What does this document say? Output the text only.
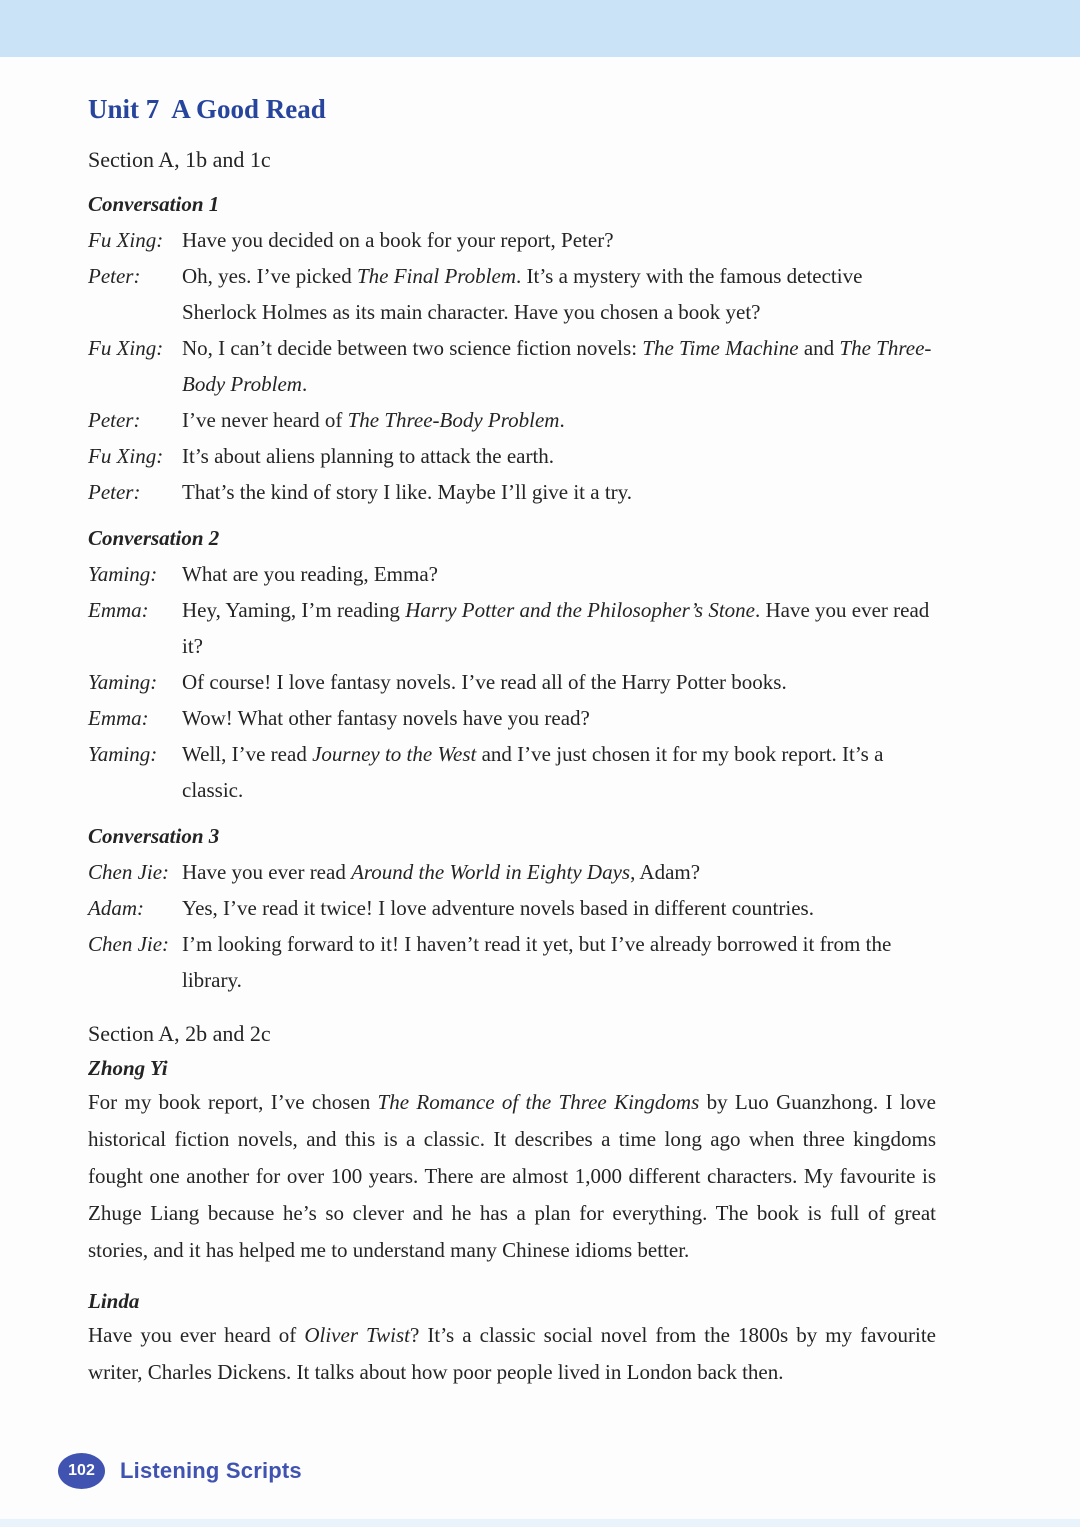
Unit 7  A Good Read
Section A, 1b and 1c
Conversation 1
Fu Xing: Have you decided on a book for your report, Peter?
Peter:	Oh, yes. I’ve picked The Final Problem. It’s a mystery with the famous detective Sherlock Holmes as its main character. Have you chosen a book yet?
Fu Xing: No, I can’t decide between two science fiction novels: The Time Machine and The Three-Body Problem.
Peter:	I’ve never heard of The Three-Body Problem.
Fu Xing: It’s about aliens planning to attack the earth.
Peter:	That’s the kind of story I like. Maybe I’ll give it a try.
Conversation 2
Yaming:	What are you reading, Emma?
Emma:	Hey, Yaming, I’m reading Harry Potter and the Philosopher’s Stone. Have you ever read it?
Yaming:	Of course! I love fantasy novels. I’ve read all of the Harry Potter books.
Emma:	Wow! What other fantasy novels have you read?
Yaming:	Well, I’ve read Journey to the West and I’ve just chosen it for my book report. It’s a classic.
Conversation 3
Chen Jie: Have you ever read Around the World in Eighty Days, Adam?
Adam:	Yes, I’ve read it twice! I love adventure novels based in different countries.
Chen Jie: I’m looking forward to it! I haven’t read it yet, but I’ve already borrowed it from the library.
Section A, 2b and 2c
Zhong Yi

For my book report, I’ve chosen The Romance of the Three Kingdoms by Luo Guanzhong. I love historical fiction novels, and this is a classic. It describes a time long ago when three kingdoms fought one another for over 100 years. There are almost 1,000 different characters. My favourite is Zhuge Liang because he’s so clever and he has a plan for everything. The book is full of great stories, and it has helped me to understand many Chinese idioms better.

Linda

Have you ever heard of Oliver Twist? It’s a classic social novel from the 1800s by my favourite writer, Charles Dickens. It talks about how poor people lived in London back then.

102	Listening Scripts
